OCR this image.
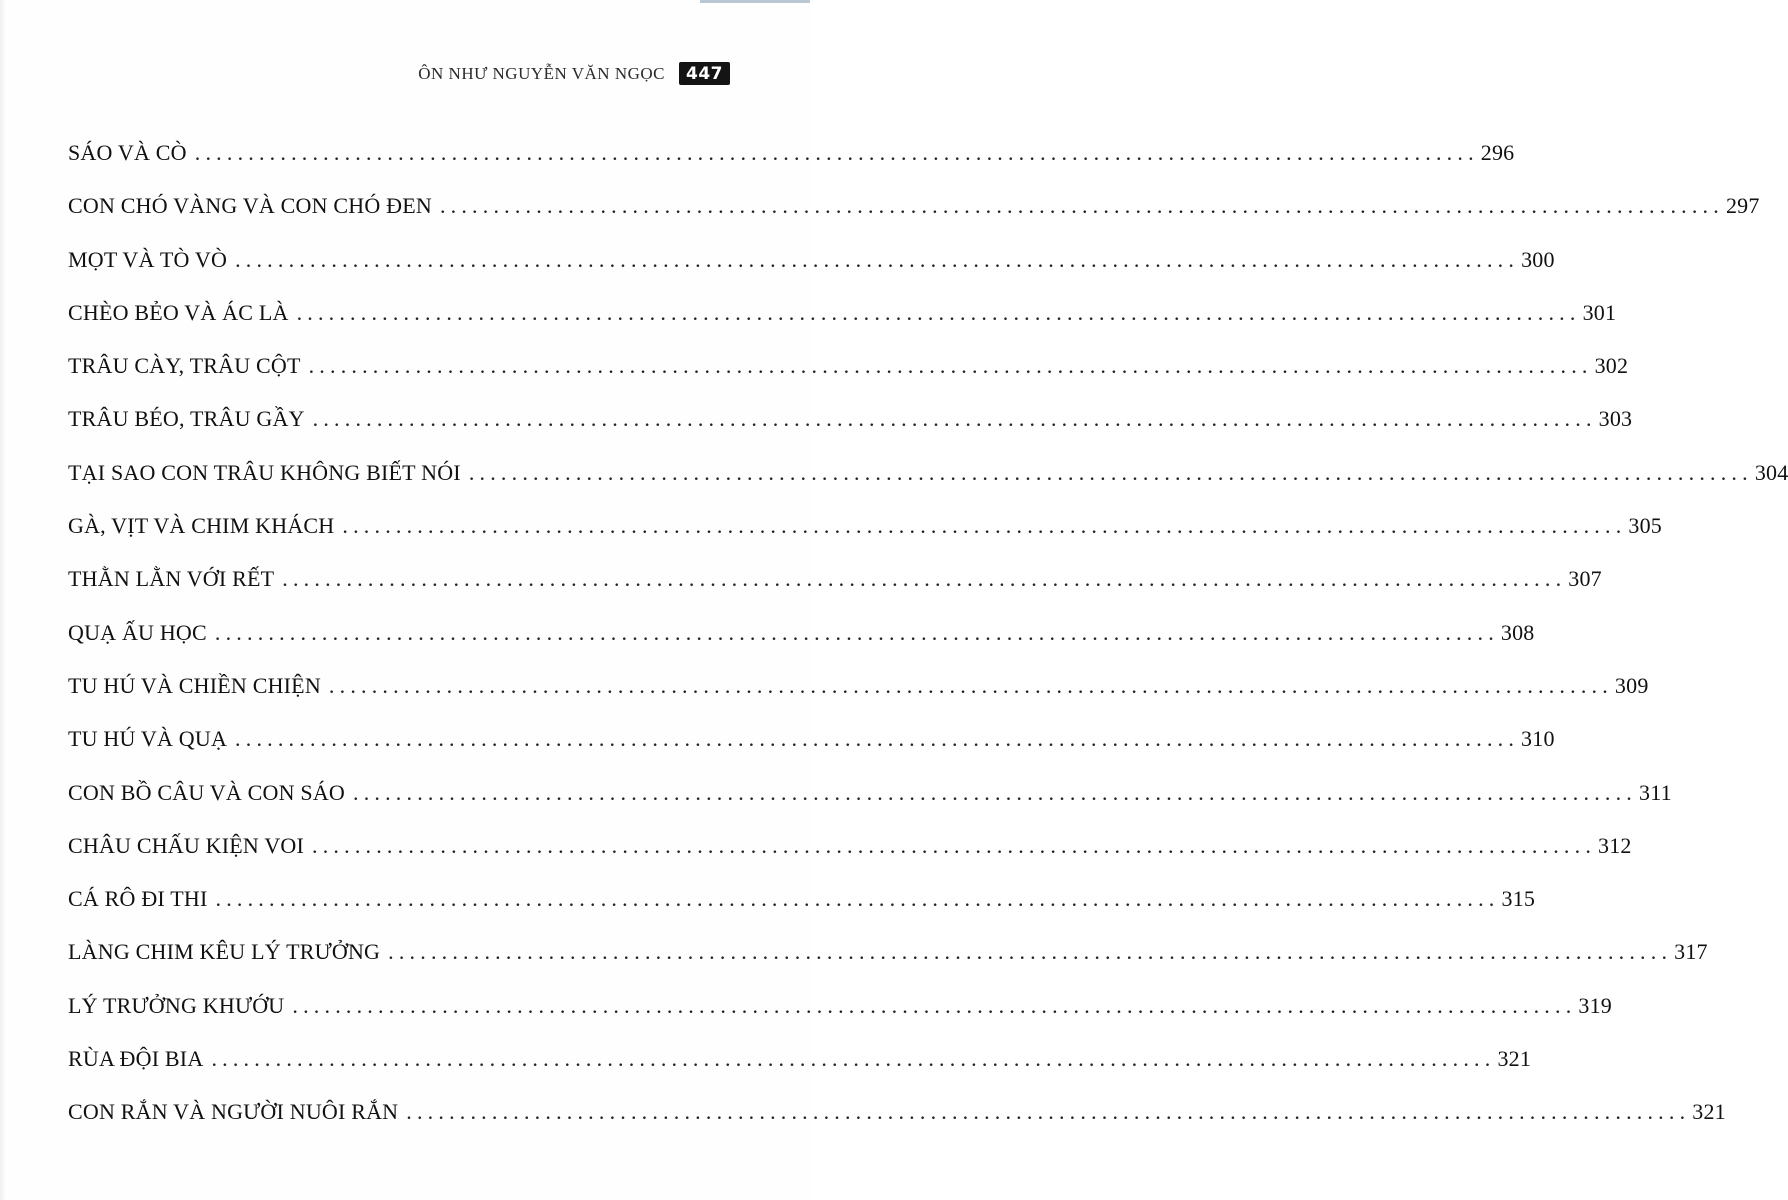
ÔN NHƯ NGUYỄN VĂN NGỌC	447
SÁO VÀ CÒ ........................................................................................................................ 296
CON CHÓ VÀNG VÀ CON CHÓ ĐEN ........................................................................................................................ 297
MỌT VÀ TÒ VÒ ........................................................................................................................ 300
CHÈO BẺO VÀ ÁC LÀ ........................................................................................................................ 301
TRÂU CÀY, TRÂU CỘT ........................................................................................................................ 302
TRÂU BÉO, TRÂU GẦY ........................................................................................................................ 303
TẠI SAO CON TRÂU KHÔNG BIẾT NÓI ........................................................................................................................ 304
GÀ, VỊT VÀ CHIM KHÁCH ........................................................................................................................ 305
THẰN LẰN VỚI RẾT ........................................................................................................................ 307
QUẠ ẤU HỌC ........................................................................................................................ 308
TU HÚ VÀ CHIỀN CHIỆN ........................................................................................................................ 309
TU HÚ VÀ QUẠ ........................................................................................................................ 310
CON BỒ CÂU VÀ CON SÁO ........................................................................................................................ 311
CHÂU CHẤU KIỆN VOI ........................................................................................................................ 312
CÁ RÔ ĐI THI ........................................................................................................................ 315
LÀNG CHIM KÊU LÝ TRƯỞNG ........................................................................................................................ 317
LÝ TRƯỞNG KHƯỚU ........................................................................................................................ 319
RÙA ĐỘI BIA ........................................................................................................................ 321
CON RẮN VÀ NGƯỜI NUÔI RẮN ........................................................................................................................ 321
